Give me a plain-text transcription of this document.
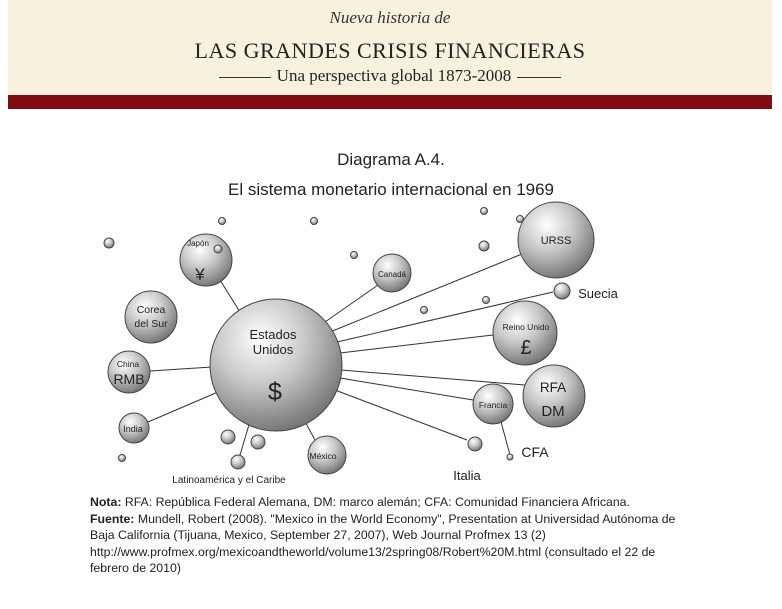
Nueva historia de
LAS GRANDES CRISIS FINANCIERAS
Una perspectiva global 1873-2008
Diagrama A.4.
El sistema monetario internacional en 1969
Estados
Unidos
$
Japón
¥
Corea
del Sur
China
RMB
India
Canadá
URSS
Suecia
Reino Unido
£
RFA
DM
Francia
Italia
CFA
México
Latinoamérica y el Caribe

Nota: RFA: República Federal Alemana, DM: marco alemán; CFA: Comunidad Financiera Africana.

Fuente: Mundell, Robert (2008). "Mexico in the World Economy", Presentation at Universidad Autónoma de Baja California (Tijuana, Mexico, September 27, 2007), Web Journal Profmex 13 (2) http://www.profmex.org/mexicoandtheworld/volume13/2spring08/Robert%20M.html (consultado el 22 de febrero de 2010)
